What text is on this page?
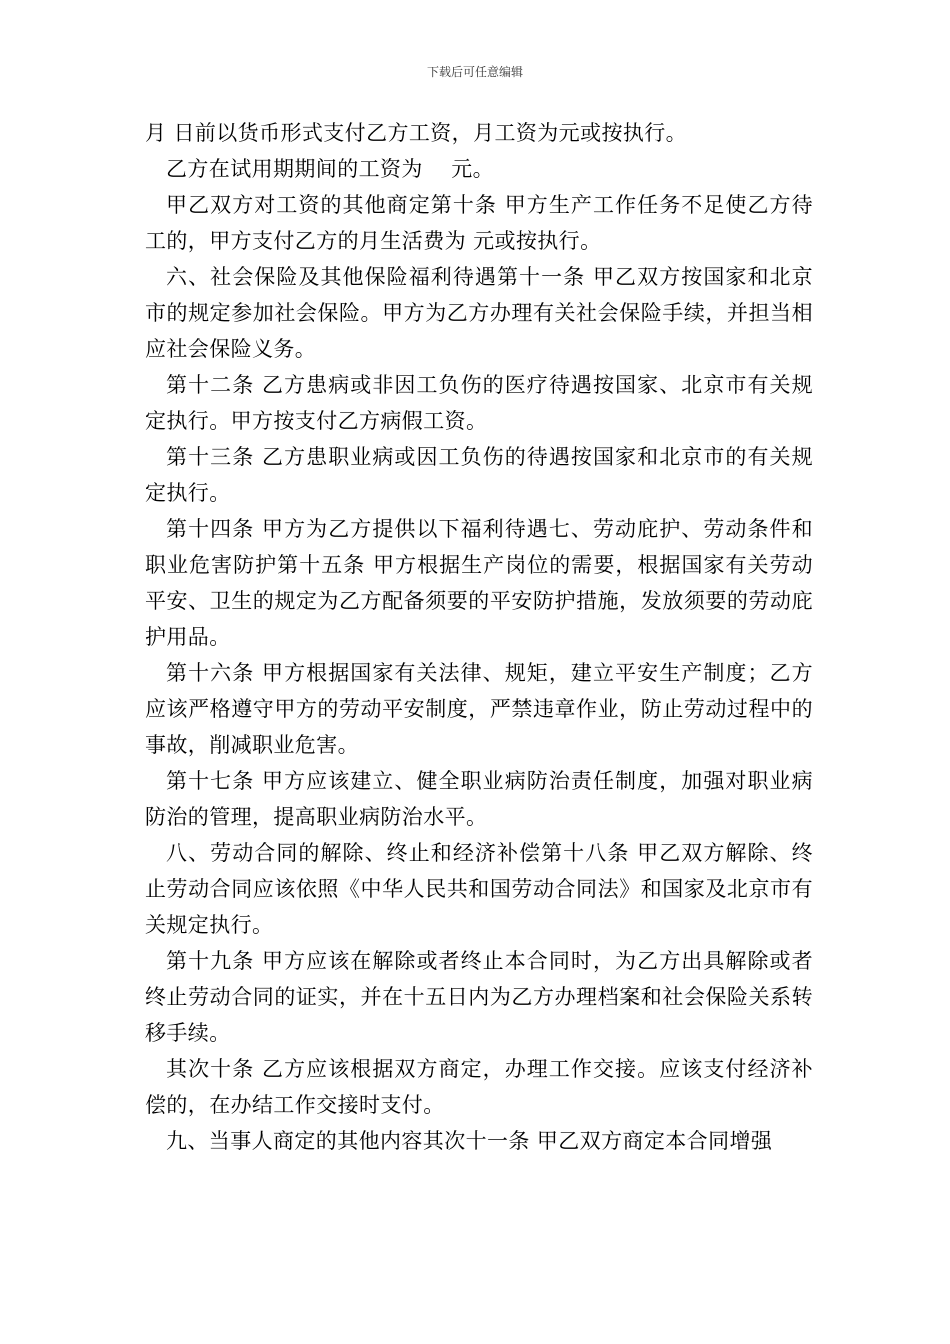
下载后可任意编辑

月 日前以货币形式支付乙方工资，月工资为元或按执行。

乙方在试用期期间的工资为　 元。

甲乙双方对工资的其他商定第十条 甲方生产工作任务不足使乙方待工的，甲方支付乙方的月生活费为 元或按执行。

六、社会保险及其他保险福利待遇第十一条 甲乙双方按国家和北京市的规定参加社会保险。甲方为乙方办理有关社会保险手续，并担当相应社会保险义务。

第十二条 乙方患病或非因工负伤的医疗待遇按国家、北京市有关规定执行。甲方按支付乙方病假工资。

第十三条 乙方患职业病或因工负伤的待遇按国家和北京市的有关规定执行。

第十四条 甲方为乙方提供以下福利待遇七、劳动庇护、劳动条件和职业危害防护第十五条 甲方根据生产岗位的需要，根据国家有关劳动平安、卫生的规定为乙方配备须要的平安防护措施，发放须要的劳动庇护用品。

第十六条 甲方根据国家有关法律、规矩，建立平安生产制度；乙方应该严格遵守甲方的劳动平安制度，严禁违章作业，防止劳动过程中的事故，削减职业危害。

第十七条 甲方应该建立、健全职业病防治责任制度，加强对职业病防治的管理，提高职业病防治水平。

八、劳动合同的解除、终止和经济补偿第十八条 甲乙双方解除、终止劳动合同应该依照《中华人民共和国劳动合同法》和国家及北京市有关规定执行。

第十九条 甲方应该在解除或者终止本合同时，为乙方出具解除或者终止劳动合同的证实，并在十五日内为乙方办理档案和社会保险关系转移手续。

其次十条 乙方应该根据双方商定，办理工作交接。应该支付经济补偿的，在办结工作交接时支付。

九、当事人商定的其他内容其次十一条 甲乙双方商定本合同增强
